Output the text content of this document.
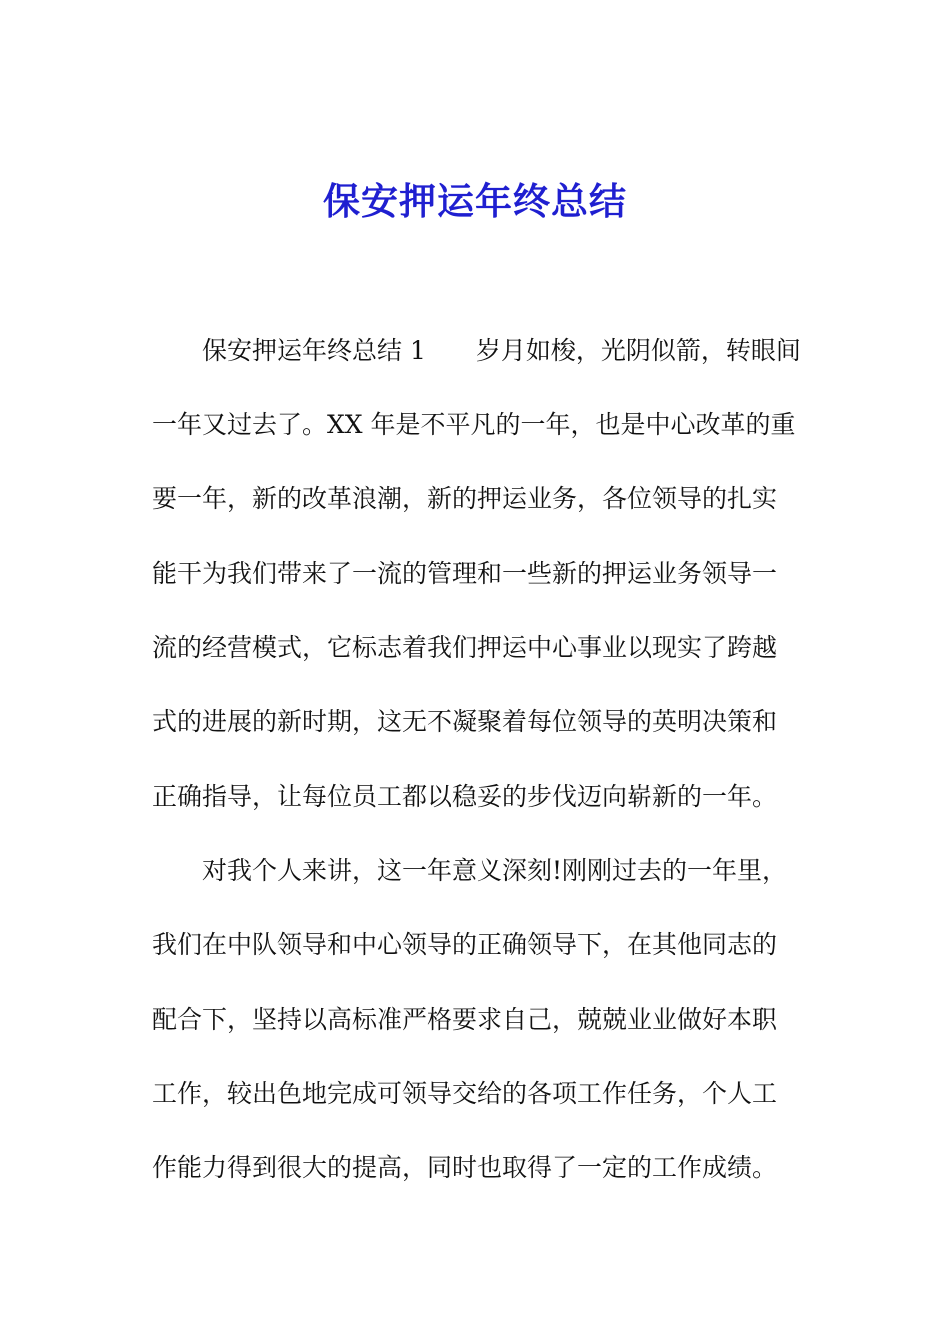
保安押运年终总结
保安押运年终总结 1　　岁月如梭，光阴似箭，转眼间
一年又过去了。XX 年是不平凡的一年，也是中心改革的重
要一年，新的改革浪潮，新的押运业务，各位领导的扎实
能干为我们带来了一流的管理和一些新的押运业务领导一
流的经营模式，它标志着我们押运中心事业以现实了跨越
式的进展的新时期，这无不凝聚着每位领导的英明决策和
正确指导，让每位员工都以稳妥的步伐迈向崭新的一年。
对我个人来讲，这一年意义深刻!刚刚过去的一年里，
我们在中队领导和中心领导的正确领导下，在其他同志的
配合下，坚持以高标准严格要求自己，兢兢业业做好本职
工作，较出色地完成可领导交给的各项工作任务，个人工
作能力得到很大的提高，同时也取得了一定的工作成绩。
